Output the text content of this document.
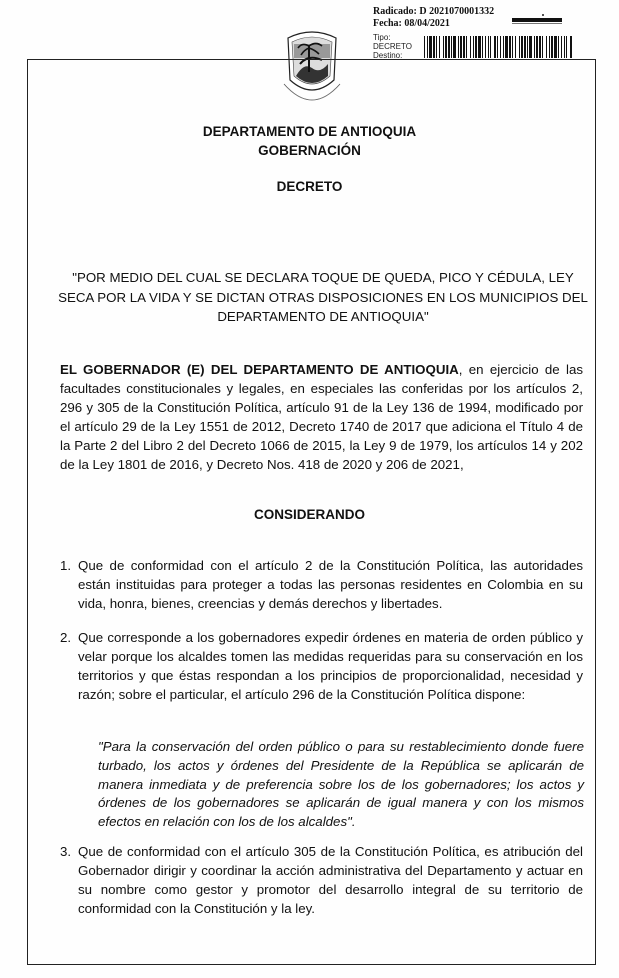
Radicado: D 2021070001332
Fecha: 08/04/2021
Tipo:
DECRETO
Destino:
DEPARTAMENTO DE ANTIOQUIA
GOBERNACIÓN
DECRETO
"POR MEDIO DEL CUAL SE DECLARA TOQUE DE QUEDA, PICO Y CÉDULA, LEY SECA POR LA VIDA Y SE DICTAN OTRAS DISPOSICIONES EN LOS MUNICIPIOS DEL DEPARTAMENTO DE ANTIOQUIA"
EL GOBERNADOR (E) DEL DEPARTAMENTO DE ANTIOQUIA, en ejercicio de las facultades constitucionales y legales, en especiales las conferidas por los artículos 2, 296 y 305 de la Constitución Política, artículo 91 de la Ley 136 de 1994, modificado por el artículo 29 de la Ley 1551 de 2012, Decreto 1740 de 2017 que adiciona el Título 4 de la Parte 2 del Libro 2 del Decreto 1066 de 2015, la Ley 9 de 1979, los artículos 14 y 202 de la Ley 1801 de 2016, y Decreto Nos. 418 de 2020 y 206 de 2021,
CONSIDERANDO
1. Que de conformidad con el artículo 2 de la Constitución Política, las autoridades están instituidas para proteger a todas las personas residentes en Colombia en su vida, honra, bienes, creencias y demás derechos y libertades.
2. Que corresponde a los gobernadores expedir órdenes en materia de orden público y velar porque los alcaldes tomen las medidas requeridas para su conservación en los territorios y que éstas respondan a los principios de proporcionalidad, necesidad y razón; sobre el particular, el artículo 296 de la Constitución Política dispone:
"Para la conservación del orden público o para su restablecimiento donde fuere turbado, los actos y órdenes del Presidente de la República se aplicarán de manera inmediata y de preferencia sobre los de los gobernadores; los actos y órdenes de los gobernadores se aplicarán de igual manera y con los mismos efectos en relación con los de los alcaldes".
3. Que de conformidad con el artículo 305 de la Constitución Política, es atribución del Gobernador dirigir y coordinar la acción administrativa del Departamento y actuar en su nombre como gestor y promotor del desarrollo integral de su territorio de conformidad con la Constitución y la ley.
